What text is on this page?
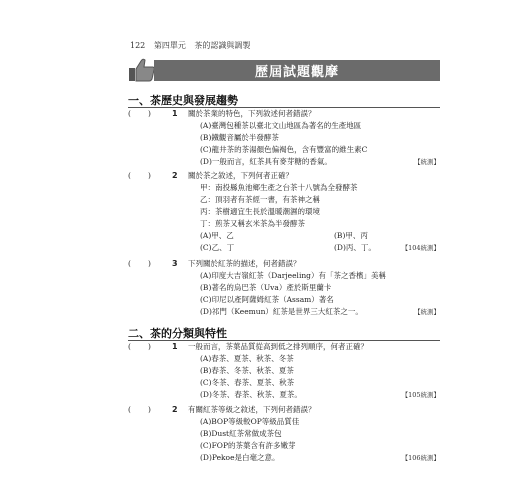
122 第四單元 茶的認識與調製
歷屆試題觀摩
一、茶歷史與發展趨勢
( )	1 關於茶業的特色，下列敘述何者錯誤？
(A)臺灣包種茶以臺北文山地區為著名的生產地區
(B)鐵觀音屬於半發酵茶
(C)龍井茶的茶湯顏色偏褐色，含有豐富的維生素C
(D)一般而言，紅茶具有麥芽糖的香氣。	【統測】
( )	2 關於茶之敘述，下列何者正確？
甲：南投縣魚池鄉生產之台茶十八號為全發酵茶
乙：頂羽者有茶經一書，有茶神之稱
丙：茶樹適宜生長於溫暖潮濕的環境
丁：煎茶又稱玄米茶為半發酵茶
(A)甲、乙	(B)甲、丙
(C)乙、丁	(D)丙、丁。	【104統測】
( )	3 下列關於紅茶的描述，何者錯誤？
(A)印度大吉嶺紅茶（Darjeeling）有「茶之香檳」美稱
(B)著名的烏巴茶（Uva）產於斯里蘭卡
(C)印尼以產阿薩姆紅茶（Assam）著名
(D)祁門（Keemun）紅茶是世界三大紅茶之一。	【統測】
二、茶的分類與特性
( )	1 一般而言，茶葉品質從高到低之排列順序，何者正確？
(A)春茶、夏茶、秋茶、冬茶
(B)春茶、冬茶、秋茶、夏茶
(C)冬茶、春茶、夏茶、秋茶
(D)冬茶、春茶、秋茶、夏茶。	【105統測】
( )	2 有關紅茶等級之敘述，下列何者錯誤？
(A)BOP等級較OP等級品質佳
(B)Dust紅茶常做成茶包
(C)FOP的茶葉含有許多嫩芽
(D)Pekoe是白毫之意。	【106統測】
